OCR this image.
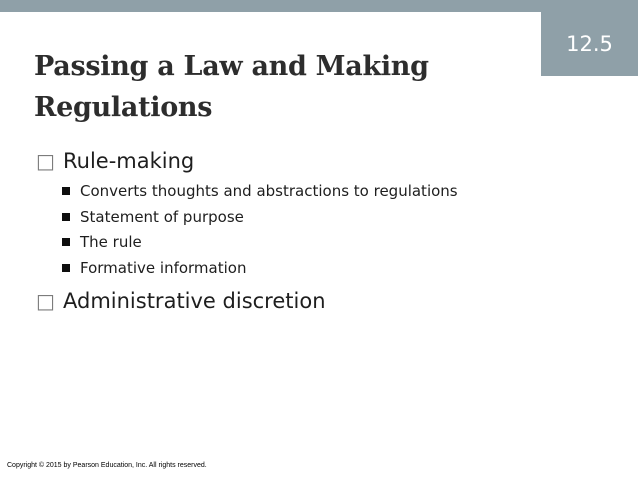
12.5
Passing a Law and Making
Regulations
□ Rule-making
Converts thoughts and abstractions to regulations
Statement of purpose
The rule
Formative information
□ Administrative discretion
Copyright © 2015 by Pearson Education, Inc. All rights reserved.
